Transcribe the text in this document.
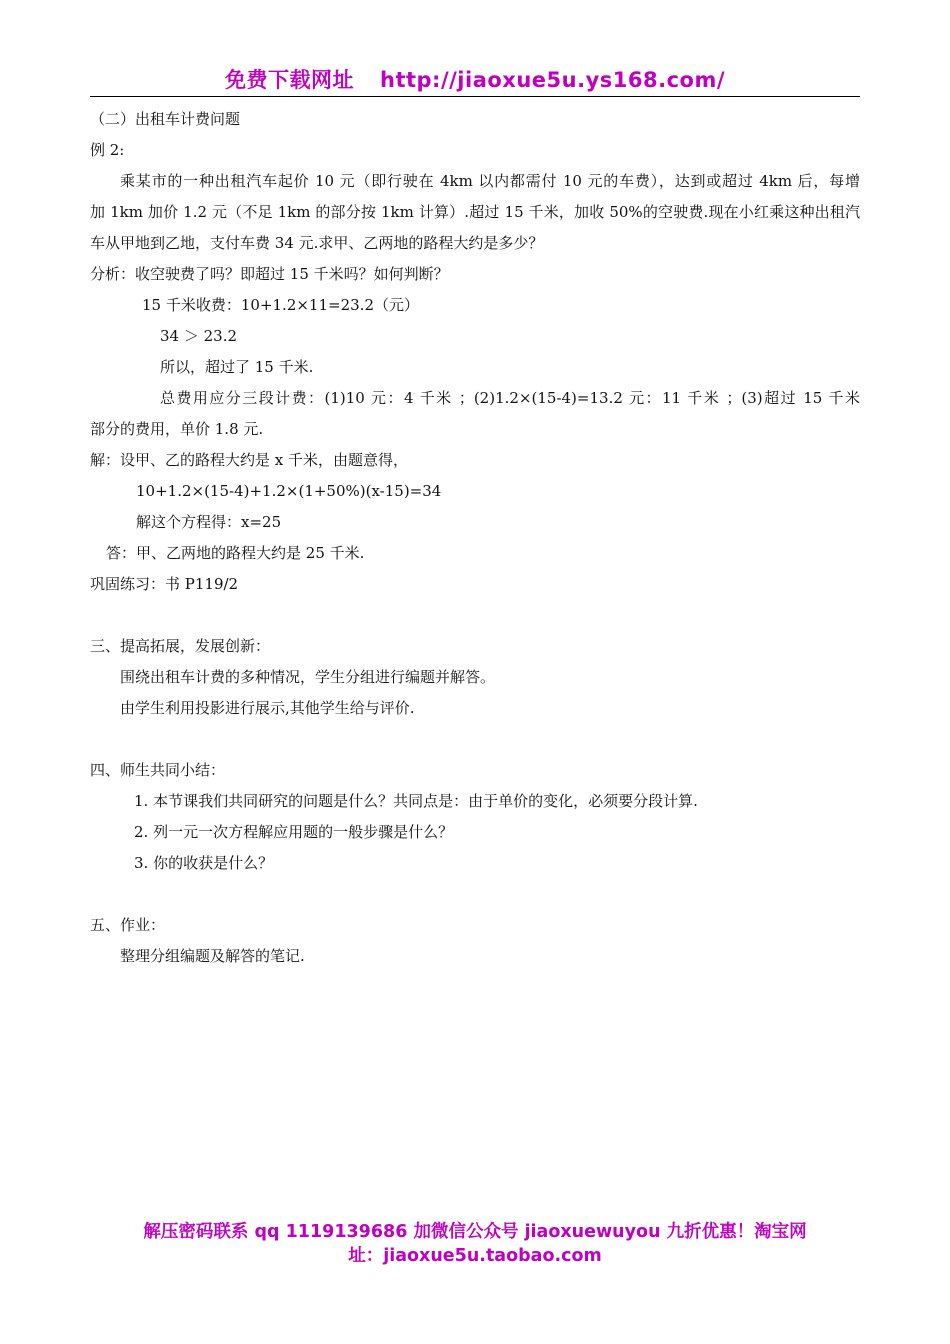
免费下载网址 http://jiaoxue5u.ys168.com/
（二）出租车计费问题
例 2:
乘某市的一种出租汽车起价 10 元（即行驶在 4km 以内都需付 10 元的车费），达到或超过 4km 后，每增
加 1km 加价 1.2 元（不足 1km 的部分按 1km 计算）.超过 15 千米，加收 50%的空驶费.现在小红乘这种出租汽
车从甲地到乙地，支付车费 34 元.求甲、乙两地的路程大约是多少？
分析：收空驶费了吗？即超过 15 千米吗？如何判断？
15 千米收费：10+1.2×11=23.2（元）
34 ＞ 23.2
所以，超过了 15 千米.
总费用应分三段计费：(1)10 元：4 千米 ；(2)1.2×(15-4)=13.2 元：11 千米 ；(3)超过 15 千米
部分的费用，单价 1.8 元.
解：设甲、乙的路程大约是 x 千米，由题意得，
10+1.2×(15-4)+1.2×(1+50%)(x-15)=34
解这个方程得：x=25
答：甲、乙两地的路程大约是 25 千米.
巩固练习：书 P119/2
三、提高拓展，发展创新：
围绕出租车计费的多种情况，学生分组进行编题并解答。
由学生利用投影进行展示,其他学生给与评价.
四、师生共同小结：
1. 本节课我们共同研究的问题是什么？共同点是：由于单价的变化，必须要分段计算.
2. 列一元一次方程解应用题的一般步骤是什么？
3. 你的收获是什么？
五、作业：
整理分组编题及解答的笔记.
解压密码联系 qq 1119139686 加微信公众号 jiaoxuewuyou 九折优惠！淘宝网
址：jiaoxue5u.taobao.com
